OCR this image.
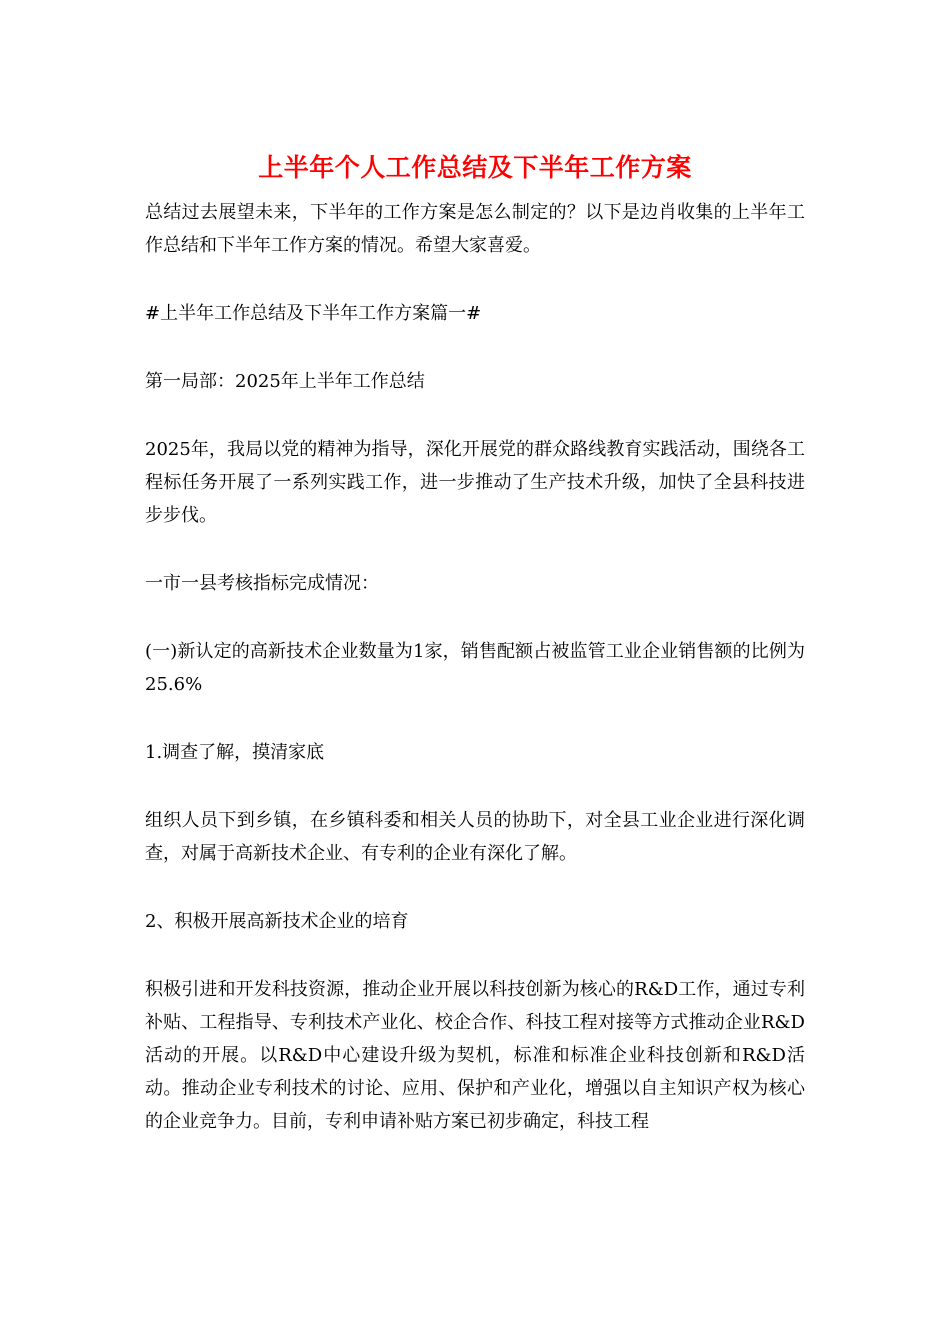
上半年个人工作总结及下半年工作方案

总结过去展望未来，下半年的工作方案是怎么制定的？以下是边肖收集的上半年工作总结和下半年工作方案的情况。希望大家喜爱。

#上半年工作总结及下半年工作方案篇一#

第一局部：2025年上半年工作总结

2025年，我局以党的精神为指导，深化开展党的群众路线教育实践活动，围绕各工程标任务开展了一系列实践工作，进一步推动了生产技术升级，加快了全县科技进步步伐。

一市一县考核指标完成情况：

(一)新认定的高新技术企业数量为1家，销售配额占被监管工业企业销售额的比例为25.6%

1.调查了解，摸清家底

组织人员下到乡镇，在乡镇科委和相关人员的协助下，对全县工业企业进行深化调查，对属于高新技术企业、有专利的企业有深化了解。

2、积极开展高新技术企业的培育

积极引进和开发科技资源，推动企业开展以科技创新为核心的R&D工作，通过专利补贴、工程指导、专利技术产业化、校企合作、科技工程对接等方式推动企业R&D活动的开展。以R&D中心建设升级为契机，标准和标准企业科技创新和R&D活动。推动企业专利技术的讨论、应用、保护和产业化，增强以自主知识产权为核心的企业竞争力。目前，专利申请补贴方案已初步确定，科技工程
